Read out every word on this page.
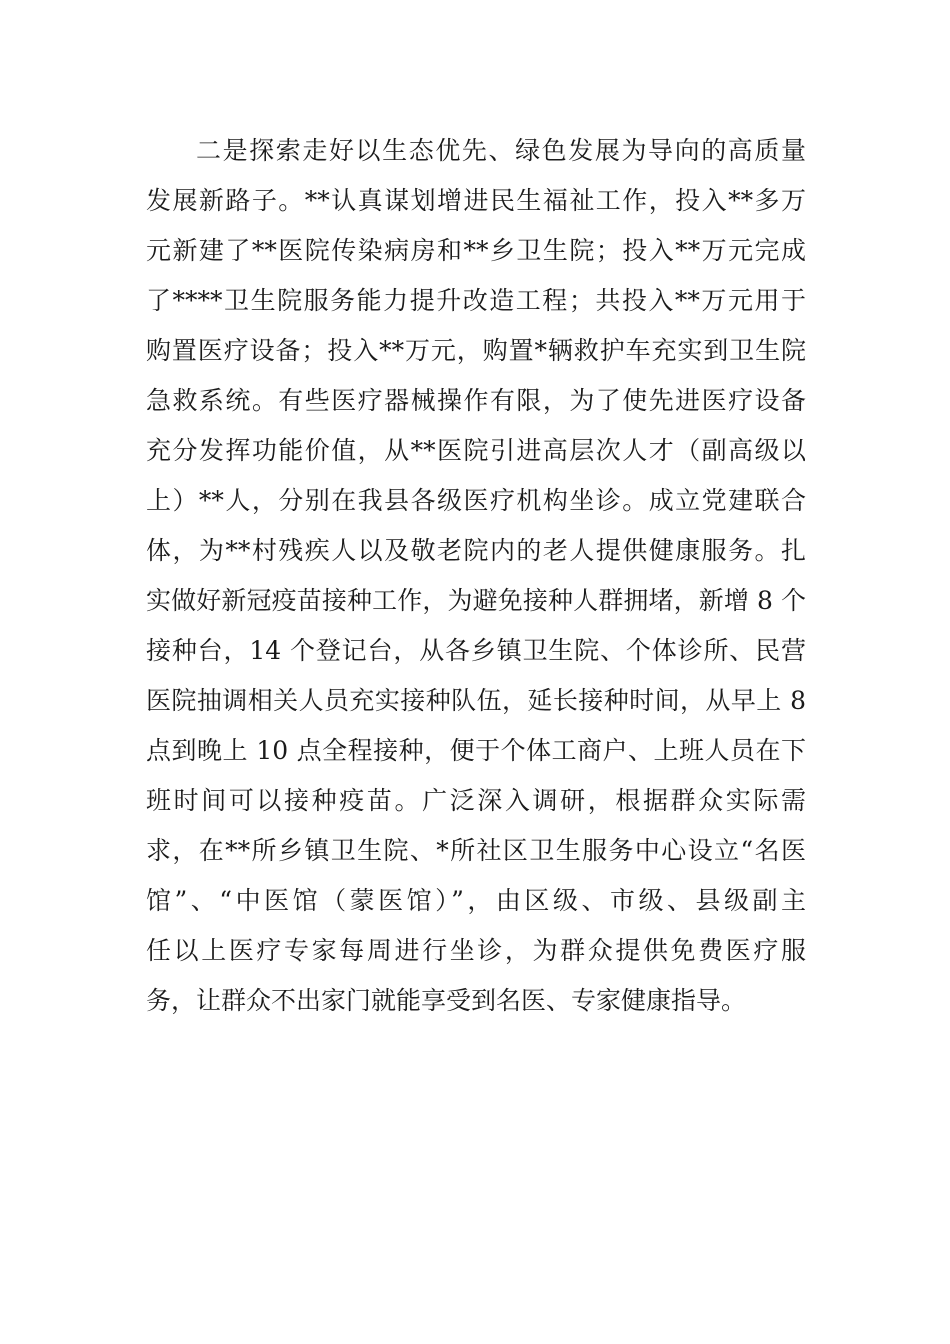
二是探索走好以生态优先、绿色发展为导向的高质量
发展新路子。**认真谋划增进民生福祉工作，投入**多万
元新建了**医院传染病房和**乡卫生院；投入**万元完成
了****卫生院服务能力提升改造工程；共投入**万元用于
购置医疗设备；投入**万元，购置*辆救护车充实到卫生院
急救系统。有些医疗器械操作有限，为了使先进医疗设备
充分发挥功能价值，从**医院引进高层次人才（副高级以
上）**人，分别在我县各级医疗机构坐诊。成立党建联合
体，为**村残疾人以及敬老院内的老人提供健康服务。扎
实做好新冠疫苗接种工作，为避免接种人群拥堵，新增 8 个
接种台，14 个登记台，从各乡镇卫生院、个体诊所、民营
医院抽调相关人员充实接种队伍，延长接种时间，从早上 8
点到晚上 10 点全程接种，便于个体工商户、上班人员在下
班时间可以接种疫苗。广泛深入调研，根据群众实际需
求，在**所乡镇卫生院、*所社区卫生服务中心设立“名医
馆”、“中医馆（蒙医馆）”，由区级、市级、县级副主
任以上医疗专家每周进行坐诊，为群众提供免费医疗服
务，让群众不出家门就能享受到名医、专家健康指导。
